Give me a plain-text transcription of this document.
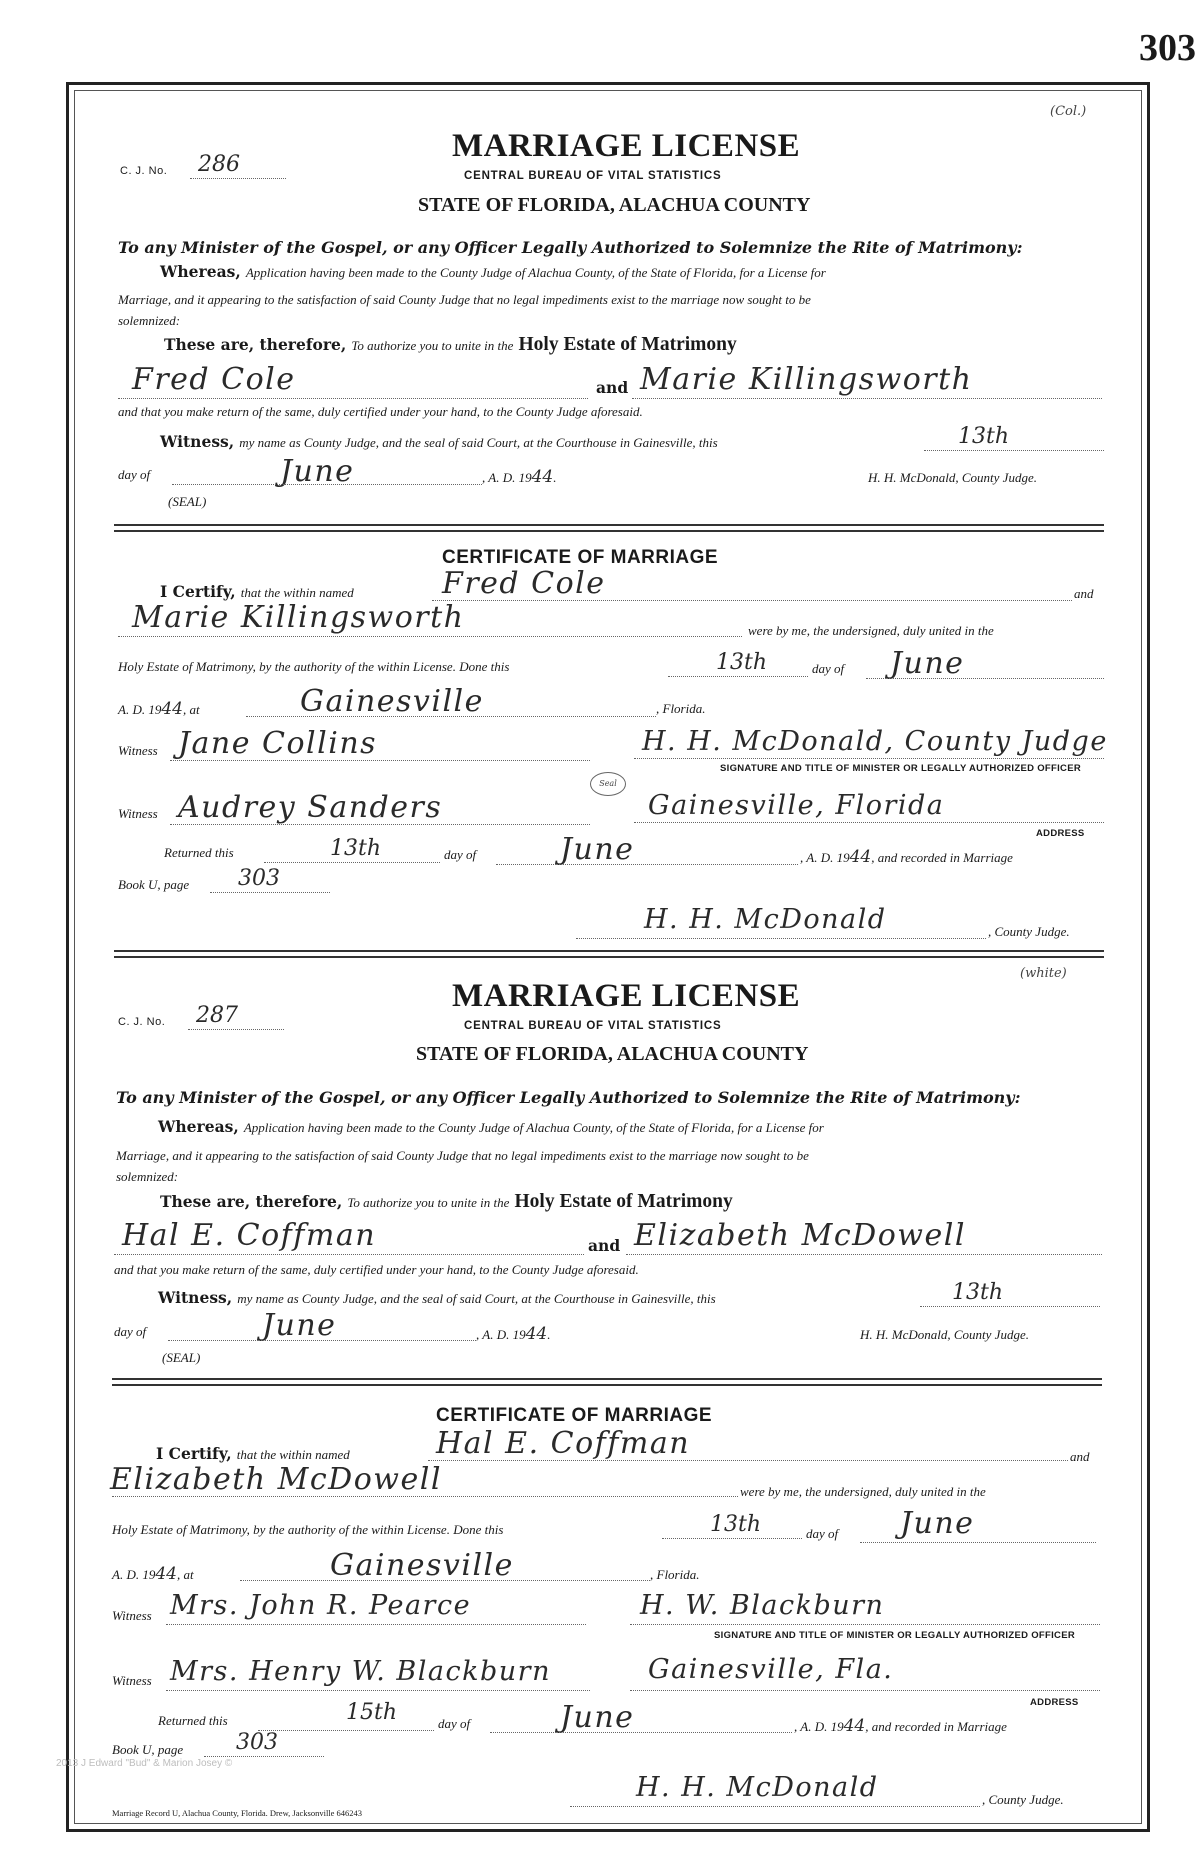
303
(Col.)
MARRIAGE LICENSE
C. J. No. 286	CENTRAL BUREAU OF VITAL STATISTICS
STATE OF FLORIDA, ALACHUA COUNTY
To any Minister of the Gospel, or any Officer Legally Authorized to Solemnize the Rite of Matrimony:
Whereas, Application having been made to the County Judge of Alachua County, of the State of Florida, for a License for
Marriage, and it appearing to the satisfaction of said County Judge that no legal impediments exist to the marriage now sought to be
solemnized:
These are, therefore, To authorize you to unite in the Holy Estate of Matrimony
Fred Cole	and Marie Killingsworth
and that you make return of the same, duly certified under your hand, to the County Judge aforesaid.
Witness, my name as County Judge, and the seal of said Court, at the Courthouse in Gainesville, this	13th
day of	June	, A. D. 1944.	H. H. McDonald, County Judge.
(SEAL)
CERTIFICATE OF MARRIAGE
I Certify, that the within named	Fred Cole	and
Marie Killingsworth	were by me, the undersigned, duly united in the
Holy Estate of Matrimony, by the authority of the within License. Done this	13th	day of June
A. D. 1944, at	Gainesville	, Florida.
Witness Jane Collins	H. H. McDonald, County Judge
SIGNATURE AND TITLE OF MINISTER OR LEGALLY AUTHORIZED OFFICER
Seal
Witness Audrey Sanders	Gainesville, Florida
ADDRESS
Returned this	13th	day of	June	, A. D. 1944, and recorded in Marriage
Book U, page 303
H. H. McDonald	, County Judge.
(white)
MARRIAGE LICENSE
C. J. No. 287	CENTRAL BUREAU OF VITAL STATISTICS
STATE OF FLORIDA, ALACHUA COUNTY
To any Minister of the Gospel, or any Officer Legally Authorized to Solemnize the Rite of Matrimony:
Whereas, Application having been made to the County Judge of Alachua County, of the State of Florida, for a License for
Marriage, and it appearing to the satisfaction of said County Judge that no legal impediments exist to the marriage now sought to be
solemnized:
These are, therefore, To authorize you to unite in the Holy Estate of Matrimony
Hal E. Coffman	and Elizabeth McDowell
and that you make return of the same, duly certified under your hand, to the County Judge aforesaid.
Witness, my name as County Judge, and the seal of said Court, at the Courthouse in Gainesville, this	13th
day of	June	, A. D. 1944.	H. H. McDonald, County Judge.
(SEAL)
CERTIFICATE OF MARRIAGE
I Certify, that the within named	Hal E. Coffman	and
Elizabeth McDowell	were by me, the undersigned, duly united in the
Holy Estate of Matrimony, by the authority of the within License. Done this	13th	day of June
A. D. 1944, at	Gainesville	, Florida.
Witness Mrs. John R. Pearce	H. W. Blackburn
SIGNATURE AND TITLE OF MINISTER OR LEGALLY AUTHORIZED OFFICER
Witness Mrs. Henry W. Blackburn	Gainesville, Fla.
ADDRESS
Returned this	15th	day of	June	, A. D. 1944, and recorded in Marriage
Book U, page 303
2013 J Edward "Bud" & Marion Josey ©
H. H. McDonald	, County Judge.
Marriage Record U, Alachua County, Florida. Drew, Jacksonville 646243
